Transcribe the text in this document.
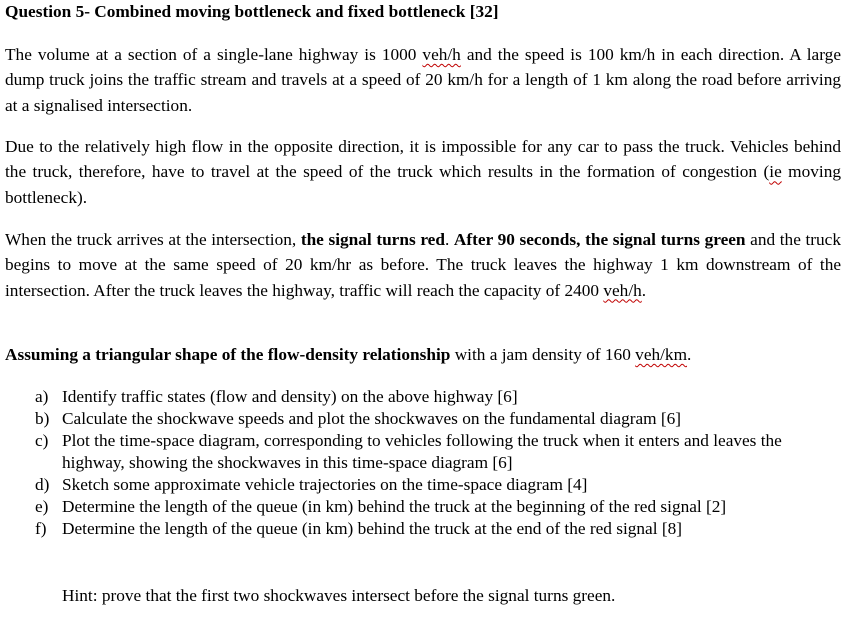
Question 5- Combined moving bottleneck and fixed bottleneck [32]
The volume at a section of a single-lane highway is 1000 veh/h and the speed is 100 km/h in each direction. A large dump truck joins the traffic stream and travels at a speed of 20 km/h for a length of 1 km along the road before arriving at a signalised intersection.
Due to the relatively high flow in the opposite direction, it is impossible for any car to pass the truck. Vehicles behind the truck, therefore, have to travel at the speed of the truck which results in the formation of congestion (ie moving bottleneck).
When the truck arrives at the intersection, the signal turns red. After 90 seconds, the signal turns green and the truck begins to move at the same speed of 20 km/hr as before. The truck leaves the highway 1 km downstream of the intersection. After the truck leaves the highway, traffic will reach the capacity of 2400 veh/h.
Assuming a triangular shape of the flow-density relationship with a jam density of 160 veh/km.
a) Identify traffic states (flow and density) on the above highway [6]
b) Calculate the shockwave speeds and plot the shockwaves on the fundamental diagram [6]
c) Plot the time-space diagram, corresponding to vehicles following the truck when it enters and leaves the highway, showing the shockwaves in this time-space diagram [6]
d) Sketch some approximate vehicle trajectories on the time-space diagram [4]
e) Determine the length of the queue (in km) behind the truck at the beginning of the red signal [2]
f) Determine the length of the queue (in km) behind the truck at the end of the red signal [8]
Hint: prove that the first two shockwaves intersect before the signal turns green.
